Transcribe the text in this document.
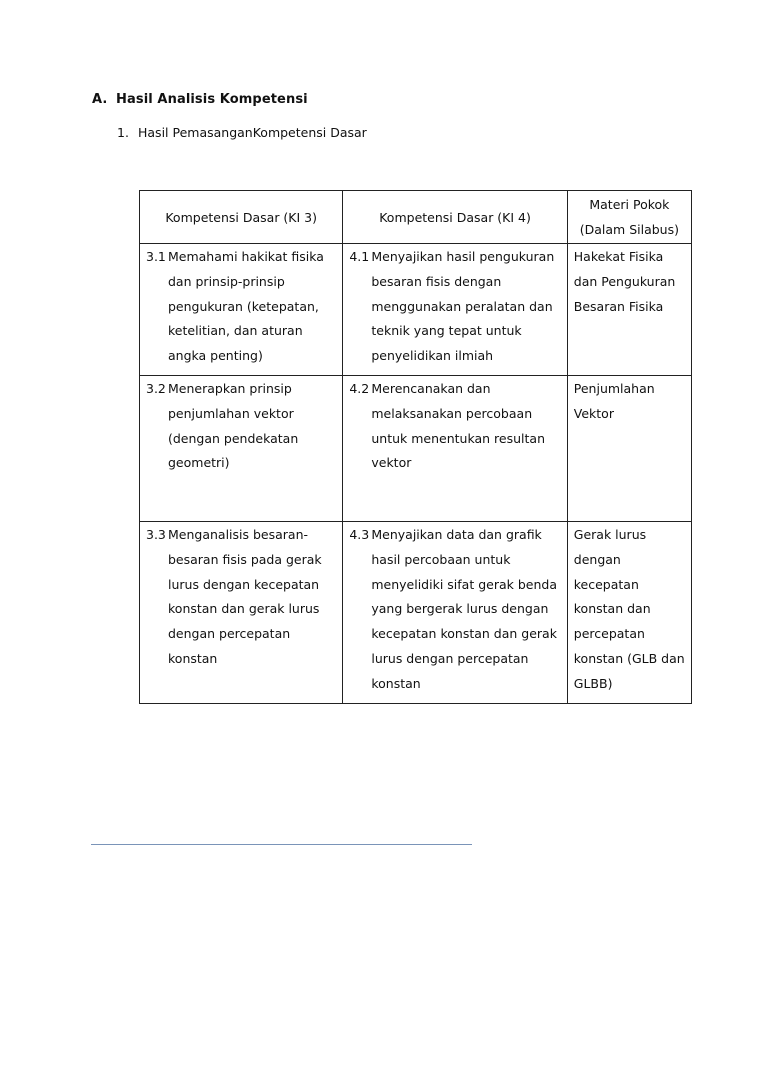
A. Hasil Analisis Kompetensi
1. Hasil PemasanganKompetensi Dasar
Kompetensi Dasar (KI 3)	Kompetensi Dasar (KI 4)	Materi Pokok
(Dalam Silabus)

3.1 Memahami hakikat fisika dan prinsip-prinsip pengukuran (ketepatan, ketelitian, dan aturan angka penting)	4.1 Menyajikan hasil pengukuran besaran fisis dengan menggunakan peralatan dan teknik yang tepat untuk penyelidikan ilmiah	Hakekat Fisika dan Pengukuran Besaran Fisika

3.2 Menerapkan prinsip penjumlahan vektor (dengan pendekatan geometri)	4.2 Merencanakan dan melaksanakan percobaan untuk menentukan resultan vektor	Penjumlahan Vektor

3.3 Menganalisis besaran-besaran fisis pada gerak lurus dengan kecepatan konstan dan gerak lurus dengan percepatan konstan	4.3 Menyajikan data dan grafik hasil percobaan untuk menyelidiki sifat gerak benda yang bergerak lurus dengan kecepatan konstan dan gerak lurus dengan percepatan konstan	Gerak lurus dengan kecepatan konstan dan percepatan konstan (GLB dan GLBB)
